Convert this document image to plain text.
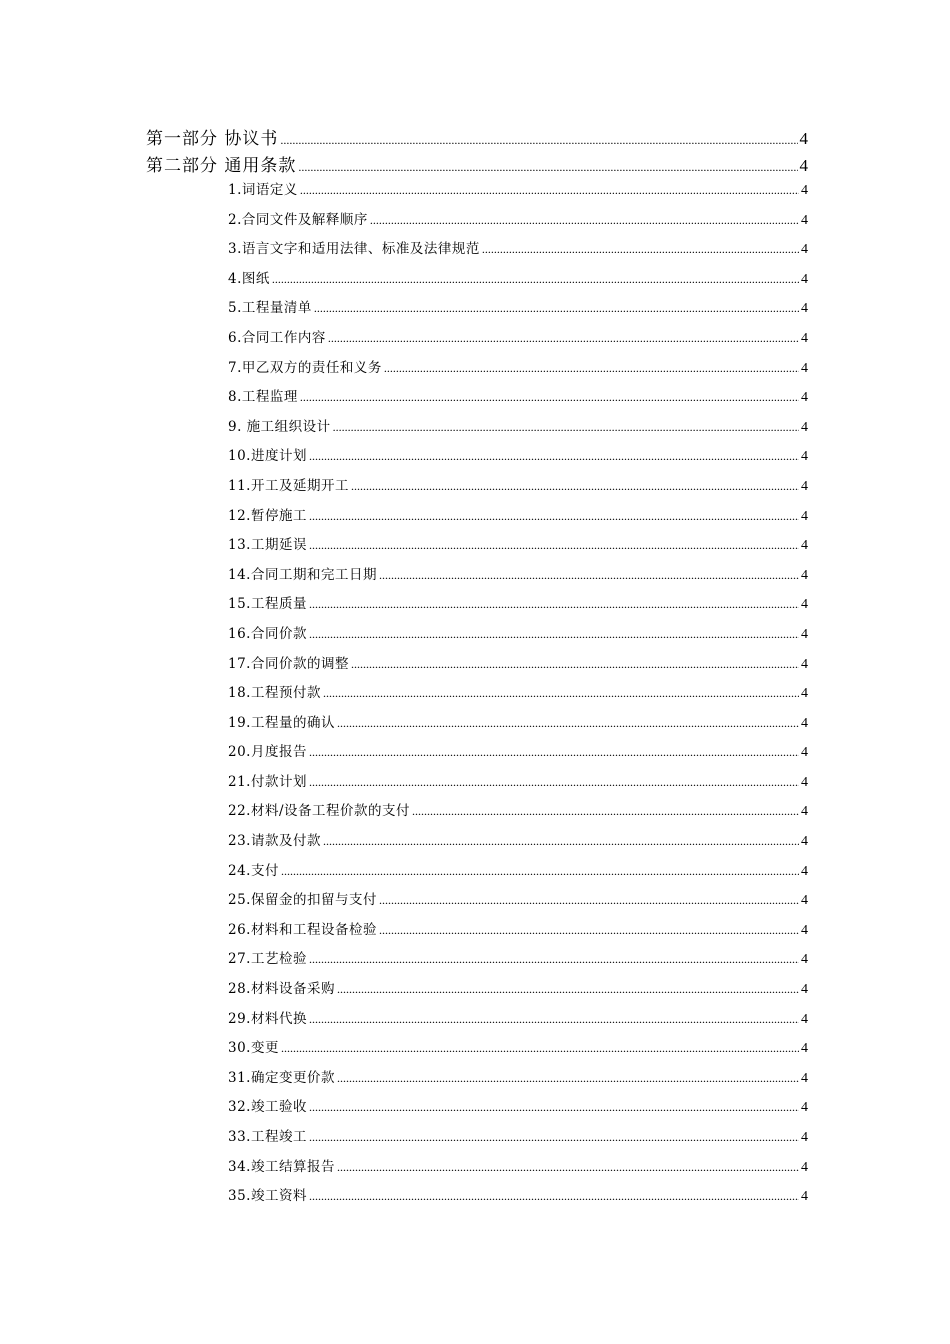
第一部分 协议书 .....	4
第二部分 通用条款 .....	4
1.词语定义 .....	4
2.合同文件及解释顺序 .....	4
3.语言文字和适用法律、标准及法律规范 .....	4
4.图纸 .....	4
5.工程量清单 .....	4
6.合同工作内容 .....	4
7.甲乙双方的责任和义务 .....	4
8.工程监理 .....	4
9. 施工组织设计 .....	4
10.进度计划 .....	4
11.开工及延期开工 .....	4
12.暂停施工 .....	4
13.工期延误 .....	4
14.合同工期和完工日期 .....	4
15.工程质量 .....	4
16.合同价款 .....	4
17.合同价款的调整 .....	4
18.工程预付款 .....	4
19.工程量的确认 .....	4
20.月度报告 .....	4
21.付款计划 .....	4
22.材料/设备工程价款的支付 .....	4
23.请款及付款 .....	4
24.支付 .....	4
25.保留金的扣留与支付 .....	4
26.材料和工程设备检验 .....	4
27.工艺检验 .....	4
28.材料设备采购 .....	4
29.材料代换 .....	4
30.变更 .....	4
31.确定变更价款 .....	4
32.竣工验收 .....	4
33.工程竣工 .....	4
34.竣工结算报告 .....	4
35.竣工资料 .....	4
